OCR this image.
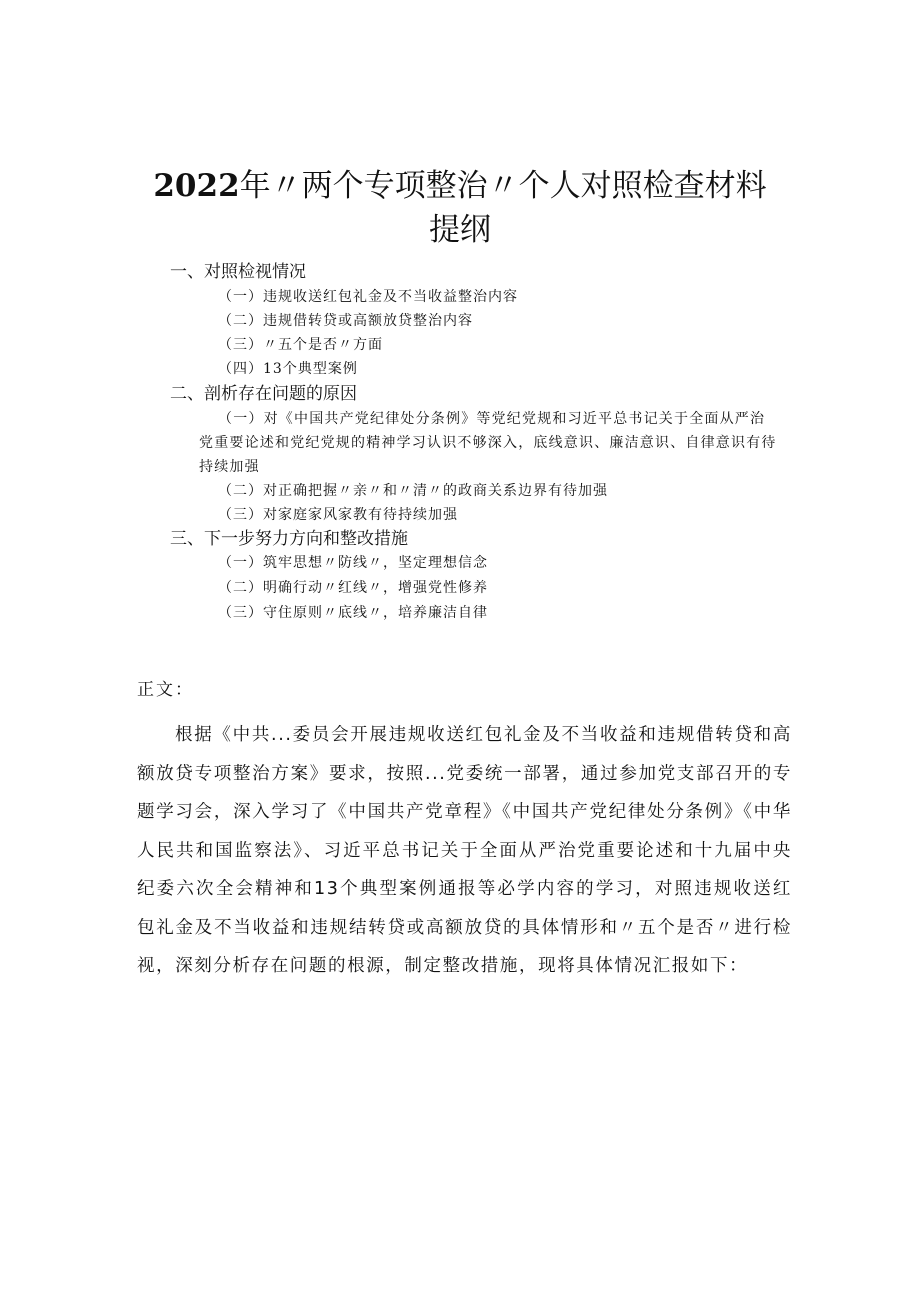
2022年〃两个专项整治〃个人对照检查材料
提纲
一、对照检视情况
（一）违规收送红包礼金及不当收益整治内容
（二）违规借转贷或高额放贷整治内容
（三）〃五个是否〃方面
（四）13个典型案例
二、剖析存在问题的原因
（一）对《中国共产党纪律处分条例》等党纪党规和习近平总书记关于全面从严治党重要论述和党纪党规的精神学习认识不够深入，底线意识、廉洁意识、自律意识有待持续加强
（二）对正确把握〃亲〃和〃清〃的政商关系边界有待加强
（三）对家庭家风家教有待持续加强
三、下一步努力方向和整改措施
（一）筑牢思想〃防线〃，坚定理想信念
（二）明确行动〃红线〃，增强党性修养
（三）守住原则〃底线〃，培养廉洁自律
正文：
根据《中共...委员会开展违规收送红包礼金及不当收益和违规借转贷和高额放贷专项整治方案》要求，按照...党委统一部署，通过参加党支部召开的专题学习会，深入学习了《中国共产党章程》《中国共产党纪律处分条例》《中华人民共和国监察法》、习近平总书记关于全面从严治党重要论述和十九届中央纪委六次全会精神和13个典型案例通报等必学内容的学习，对照违规收送红包礼金及不当收益和违规结转贷或高额放贷的具体情形和〃五个是否〃进行检视，深刻分析存在问题的根源，制定整改措施，现将具体情况汇报如下：
